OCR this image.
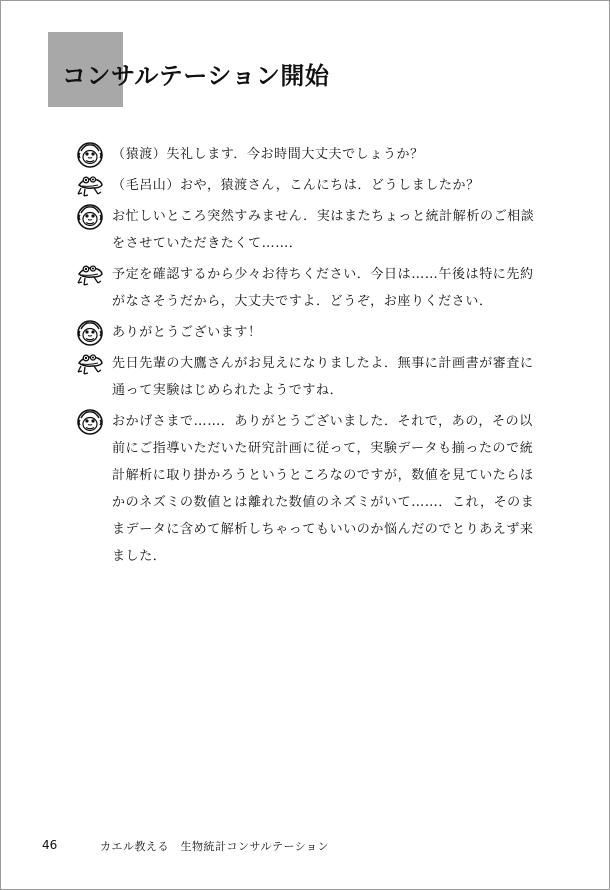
コンサルテーション開始
（猿渡）失礼します．今お時間大丈夫でしょうか？
（毛呂山）おや，猿渡さん，こんにちは．どうしましたか？
お忙しいところ突然すみません．実はまたちょっと統計解析のご相談
をさせていただきたくて……．
予定を確認するから少々お待ちください．今日は……午後は特に先約
がなさそうだから，大丈夫ですよ．どうぞ，お座りください．
ありがとうございます！
先日先輩の大鷹さんがお見えになりましたよ．無事に計画書が審査に
通って実験はじめられたようですね．
おかげさまで……．ありがとうございました．それで，あの，その以
前にご指導いただいた研究計画に従って，実験データも揃ったので統
計解析に取り掛かろうというところなのですが，数値を見ていたらほ
かのネズミの数値とは離れた数値のネズミがいて……．これ，そのま
まデータに含めて解析しちゃってもいいのか悩んだのでとりあえず来
ました．
46	カエル教える　生物統計コンサルテーション
